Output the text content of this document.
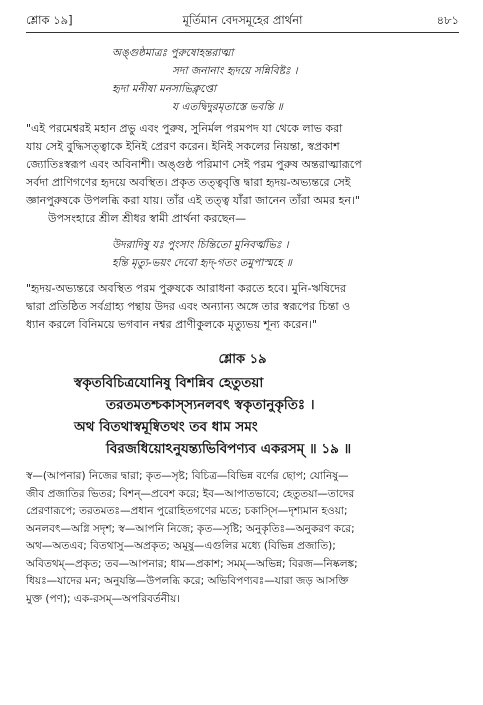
শ্লোক ১৯]	মূর্তিমান বেদসমূহের প্রার্থনা	৪৮১
অঙ্গুষ্ঠমাত্রঃ পুরুষোহন্তরাত্মা
সদা জনানাং হৃদয়ে সন্নিবিষ্টঃ ।
হৃদা মনীষা মনসাভিক্লৃপ্তো
য এতদ্বিদুরমৃতাস্তে ভবন্তি ॥
"এই পরমেশ্বরই মহান প্রভু এবং পুরুষ, সুনির্মল পরমপদ যা থেকে লাভ করা
যায় সেই বুদ্ধিসত্ত্বাকে ইনিই প্রেরণ করেন। ইনিই সকলের নিয়ন্তা, স্বপ্রকাশ
জ্যোতিঃস্বরূপ এবং অবিনাশী। অঙ্গুষ্ঠ পরিমাণ সেই পরম পুরুষ অন্তরাত্মারূপে
সর্বদা প্রাণিগণের হৃদয়ে অবস্থিত। প্রকৃত তত্ত্ববৃত্তি দ্বারা হৃদয়-অভ্যন্তরে সেই
জ্ঞানপুরুষকে উপলব্ধি করা যায়। তাঁর এই তত্ত্ব যাঁরা জানেন তাঁরা অমর হন।"
উপসংহারে শ্রীল শ্রীধর স্বামী প্রার্থনা করছেন—
উদরাদিষু যঃ পুংসাং চিন্তিতো মুনিবর্ত্মভিঃ ।
হন্তি মৃত্যু-ভয়ং দেবো হৃদ্-গতং তমুপাস্মহে ॥
"হৃদয়-অভ্যন্তরে অবস্থিত পরম পুরুষকে আরাধনা করতে হবে। মুনি-ঋষিদের
দ্বারা প্রতিষ্ঠিত সর্বগ্রাহ্য পন্থায় উদর এবং অন্যান্য অঙ্গে তার স্বরূপের চিন্তা ও
ধ্যান করলে বিনিময়ে ভগবান নশ্বর প্রাণীকুলকে মৃত্যুভয় শূন্য করেন।"
শ্লোক ১৯
স্বকৃতবিচিত্রযোনিষু বিশন্নিব হেতুতয়া
তরতমতশ্চকাস্স্যনলবৎ স্বকৃতানুকৃতিঃ ।
অথ বিতথাস্বমূষ্বিতথং তব ধাম সমং
বিরজধিয়োঽনুযন্ত্যভিবিপণ্যব একরসম্ ॥ ১৯ ॥
স্ব—(আপনার) নিজের দ্বারা; কৃত—সৃষ্ট; বিচিত্র—বিভিন্ন বর্ণের ছোপ; যোনিষু—
জীব প্রজাতির ভিতর; বিশন্—প্রবেশ করে; ইব—আপাতভাবে; হেতুতয়া—তাদের
প্রেরণারূপে; তরতমতঃ—প্রধান পুরোহিতগণের মতে; চকাস্সি—দৃশ্যমান হওয়া;
অনলবৎ—অগ্নি সদৃশ; স্ব—আপনি নিজে; কৃত—সৃষ্টি; অনুকৃতিঃ—অনুকরণ করে;
অথ—অতএব; বিতথাসু—অপ্রকৃত; অমূষু—এগুলির মধ্যে (বিভিন্ন প্রজাতি);
অবিতথম্—প্রকৃত; তব—আপনার; ধাম—প্রকাশ; সমম্—অভিন্ন; বিরজ—নিষ্কলঙ্ক;
ধিয়ঃ—যাদের মন; অনুযন্তি—উপলব্ধি করে; অভিবিপণ্যবঃ—যারা জড় আসক্তি
মুক্ত (পণ); এক-রসম্—অপরিবর্তনীয়।
